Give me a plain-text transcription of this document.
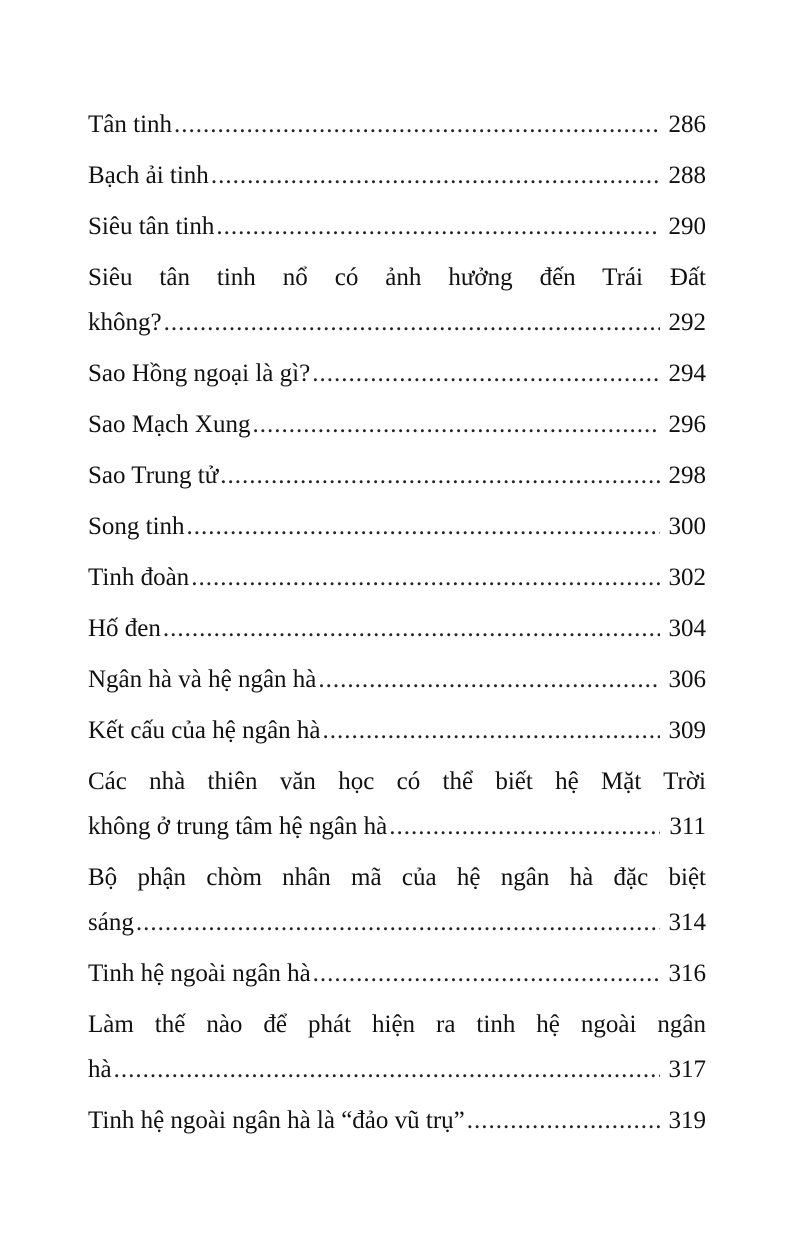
Tân tinh .....	286
Bạch ải tinh .....	288
Siêu tân tinh .....	290
Siêu tân tinh nổ có ảnh hưởng đến Trái Đất
không? .....	292
Sao Hồng ngoại là gì? .....	294
Sao Mạch Xung .....	296
Sao Trung tử .....	298
Song tinh .....	300
Tinh đoàn .....	302
Hố đen .....	304
Ngân hà và hệ ngân hà .....	306
Kết cấu của hệ ngân hà .....	309
Các nhà thiên văn học có thể biết hệ Mặt Trời
không ở trung tâm hệ ngân hà .....	311
Bộ phận chòm nhân mã của hệ ngân hà đặc biệt
sáng .....	314
Tinh hệ ngoài ngân hà .....	316
Làm thế nào để phát hiện ra tinh hệ ngoài ngân
hà .....	317
Tinh hệ ngoài ngân hà là “đảo vũ trụ” .....	319
